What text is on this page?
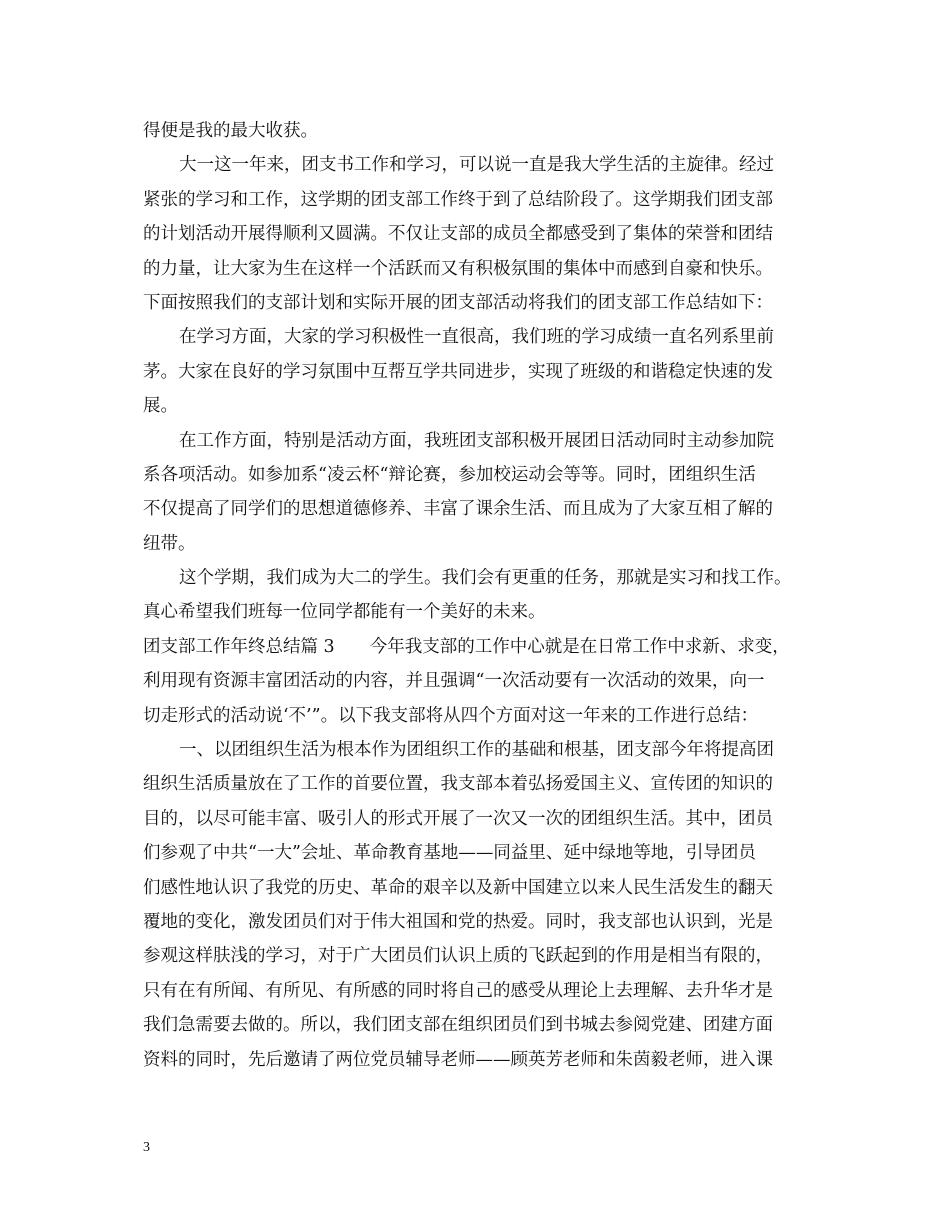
得便是我的最大收获。
大一这一年来，团支书工作和学习，可以说一直是我大学生活的主旋律。经过
紧张的学习和工作，这学期的团支部工作终于到了总结阶段了。这学期我们团支部
的计划活动开展得顺利又圆满。不仅让支部的成员全都感受到了集体的荣誉和团结
的力量，让大家为生在这样一个活跃而又有积极氛围的集体中而感到自豪和快乐。
下面按照我们的支部计划和实际开展的团支部活动将我们的团支部工作总结如下：
在学习方面，大家的学习积极性一直很高，我们班的学习成绩一直名列系里前
茅。大家在良好的学习氛围中互帮互学共同进步，实现了班级的和谐稳定快速的发
展。
在工作方面，特别是活动方面，我班团支部积极开展团日活动同时主动参加院
系各项活动。如参加系“凌云杯“辩论赛，参加校运动会等等。同时，团组织生活
不仅提高了同学们的思想道德修养、丰富了课余生活、而且成为了大家互相了解的
纽带。
这个学期，我们成为大二的学生。我们会有更重的任务，那就是实习和找工作。
真心希望我们班每一位同学都能有一个美好的未来。
团支部工作年终总结篇 3　　今年我支部的工作中心就是在日常工作中求新、求变，
利用现有资源丰富团活动的内容，并且强调“一次活动要有一次活动的效果，向一
切走形式的活动说‘不’”。以下我支部将从四个方面对这一年来的工作进行总结：
一、以团组织生活为根本作为团组织工作的基础和根基，团支部今年将提高团
组织生活质量放在了工作的首要位置，我支部本着弘扬爱国主义、宣传团的知识的
目的，以尽可能丰富、吸引人的形式开展了一次又一次的团组织生活。其中，团员
们参观了中共“一大”会址、革命教育基地——同益里、延中绿地等地，引导团员
们感性地认识了我党的历史、革命的艰辛以及新中国建立以来人民生活发生的翻天
覆地的变化，激发团员们对于伟大祖国和党的热爱。同时，我支部也认识到，光是
参观这样肤浅的学习，对于广大团员们认识上质的飞跃起到的作用是相当有限的，
只有在有所闻、有所见、有所感的同时将自己的感受从理论上去理解、去升华才是
我们急需要去做的。所以，我们团支部在组织团员们到书城去参阅党建、团建方面
资料的同时，先后邀请了两位党员辅导老师——顾英芳老师和朱茵毅老师，进入课
3
